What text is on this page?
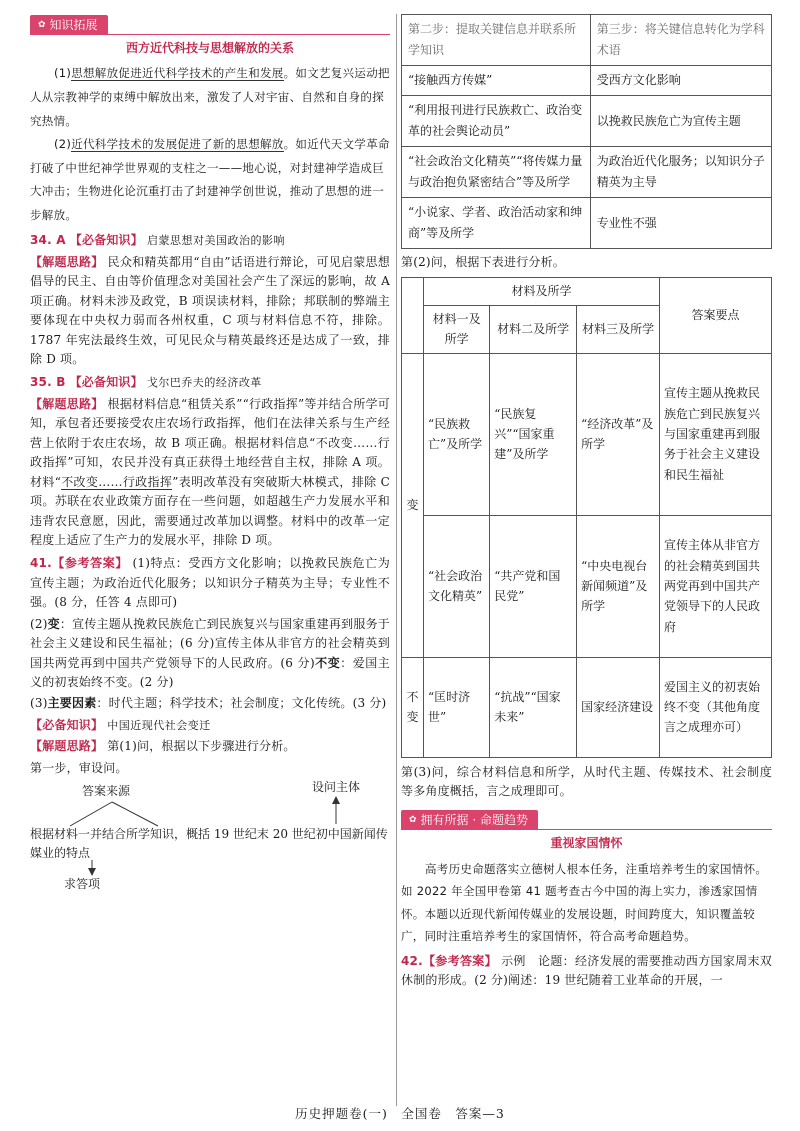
✿ 知识拓展
西方近代科技与思想解放的关系
(1)思想解放促进近代科学技术的产生和发展。如文艺复兴运动把人从宗教神学的束缚中解放出来，激发了人对宇宙、自然和自身的探究热情。
(2)近代科学技术的发展促进了新的思想解放。如近代天文学革命打破了中世纪神学世界观的支柱之一——地心说，对封建神学造成巨大冲击；生物进化论沉重打击了封建神学创世说，推动了思想的进一步解放。
34. A 【必备知识】 启蒙思想对美国政治的影响
【解题思路】 民众和精英都用“自由”话语进行辩论，可见启蒙思想倡导的民主、自由等价值理念对美国社会产生了深远的影响，故 A 项正确。材料未涉及政党，B 项误读材料，排除；邦联制的弊端主要体现在中央权力弱而各州权重，C 项与材料信息不符，排除。1787 年宪法最终生效，可见民众与精英最终还是达成了一致，排除 D 项。
35. B 【必备知识】 戈尔巴乔夫的经济改革
【解题思路】 根据材料信息“租赁关系”“行政指挥”等并结合所学可知，承包者还要接受农庄农场行政指挥，他们在法律关系与生产经营上依附于农庄农场，故 B 项正确。根据材料信息“不改变……行政指挥”可知，农民并没有真正获得土地经营自主权，排除 A 项。材料“不改变……行政指挥”表明改革没有突破斯大林模式，排除 C 项。苏联在农业政策方面存在一些问题，如超越生产力发展水平和违背农民意愿，因此，需要通过改革加以调整。材料中的改革一定程度上适应了生产力的发展水平，排除 D 项。
41.【参考答案】 (1)特点：受西方文化影响；以挽救民族危亡为宣传主题；为政治近代化服务；以知识分子精英为主导；专业性不强。(8 分，任答 4 点即可)
(2)变：宣传主题从挽救民族危亡到民族复兴与国家重建再到服务于社会主义建设和民生福祉；(6 分)宣传主体从非官方的社会精英到国共两党再到中国共产党领导下的人民政府。(6 分)不变：爱国主义的初衷始终不变。(2 分)
(3)主要因素：时代主题；科学技术；社会制度；文化传统。(3 分)
【必备知识】 中国近现代社会变迁
【解题思路】 第(1)问，根据以下步骤进行分析。
第一步，审设问。
答案来源	设问主体
根据材料一并结合所学知识，概括 19 世纪末 20 世纪初中国新闻传媒业的特点
求答项
第二步：提取关键信息并联系所学知识	第三步：将关键信息转化为学科术语
“接触西方传媒”	受西方文化影响
“利用报刊进行民族救亡、政治变革的社会舆论动员”	以挽救民族危亡为宣传主题
“社会政治文化精英”“将传媒力量与政治抱负紧密结合”等及所学	为政治近代化服务；以知识分子精英为主导
“小说家、学者、政治活动家和绅商”等及所学	专业性不强
第(2)问，根据下表进行分析。
	材料及所学			答案要点
	材料一及所学	材料二及所学	材料三及所学	
变	“民族救亡”及所学	“民族复兴”“国家重建”及所学	“经济改革”及所学	宣传主题从挽救民族危亡到民族复兴与国家重建再到服务于社会主义建设和民生福祉
	“社会政治文化精英”	“共产党和国民党”	“中央电视台新闻频道”及所学	宣传主体从非官方的社会精英到国共两党再到中国共产党领导下的人民政府
不变	“匡时济世”	“抗战”“国家未来”	国家经济建设	爱国主义的初衷始终不变（其他角度言之成理亦可）
第(3)问，综合材料信息和所学，从时代主题、传媒技术、社会制度等多角度概括，言之成理即可。
✿ 拥有所据 · 命题趋势
重视家国情怀
高考历史命题落实立德树人根本任务，注重培养考生的家国情怀。如 2022 年全国甲卷第 41 题考查古今中国的海上实力，渗透家国情怀。本题以近现代新闻传媒业的发展设题，时间跨度大，知识覆盖较广，同时注重培养考生的家国情怀，符合高考命题趋势。
42.【参考答案】 示例　论题：经济发展的需要推动西方国家周末双休制的形成。(2 分)阐述：19 世纪随着工业革命的开展，一
历史押题卷(一)　全国卷　答案—3
